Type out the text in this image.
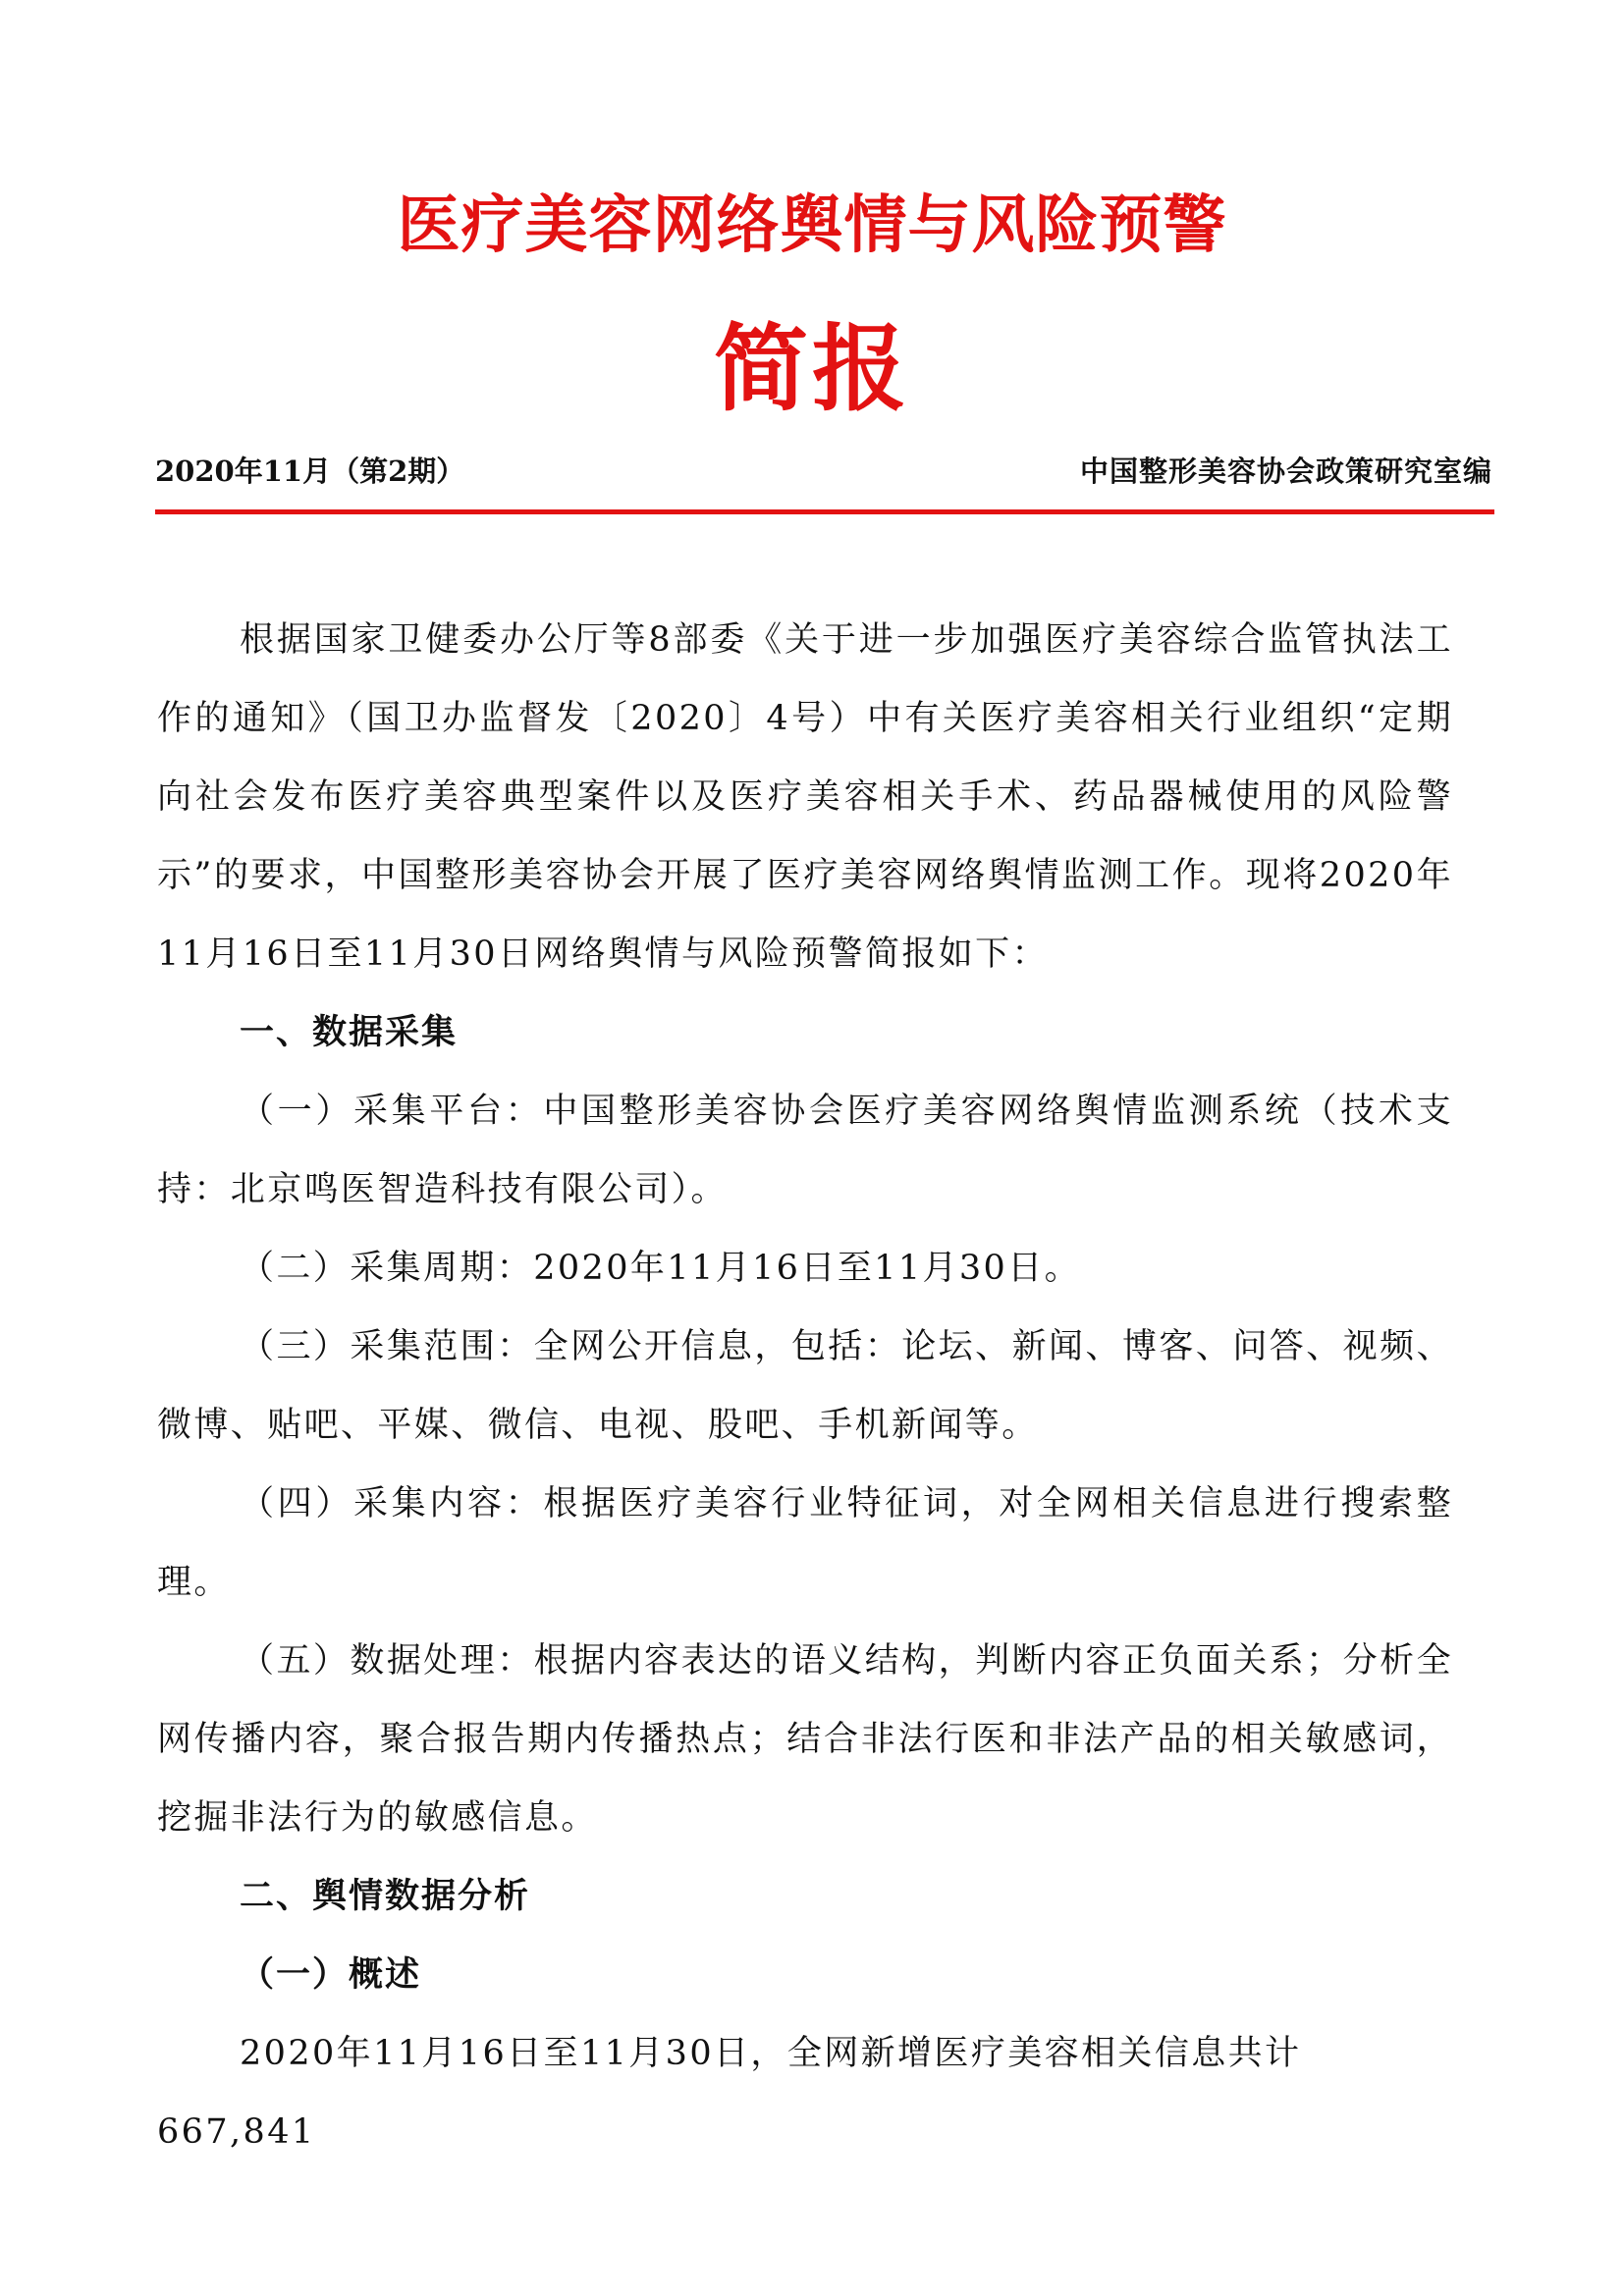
医疗美容网络舆情与风险预警
简报
2020年11月（第2期）	中国整形美容协会政策研究室编

根据国家卫健委办公厅等8部委《关于进一步加强医疗美容综合监管执法工作的通知》（国卫办监督发〔2020〕4号）中有关医疗美容相关行业组织“定期向社会发布医疗美容典型案件以及医疗美容相关手术、药品器械使用的风险警示”的要求，中国整形美容协会开展了医疗美容网络舆情监测工作。现将2020年11月16日至11月30日网络舆情与风险预警简报如下：

一、数据采集

（一）采集平台：中国整形美容协会医疗美容网络舆情监测系统（技术支持：北京鸣医智造科技有限公司）。

（二）采集周期：2020年11月16日至11月30日。

（三）采集范围：全网公开信息，包括：论坛、新闻、博客、问答、视频、微博、贴吧、平媒、微信、电视、股吧、手机新闻等。

（四）采集内容：根据医疗美容行业特征词，对全网相关信息进行搜索整理。

（五）数据处理：根据内容表达的语义结构，判断内容正负面关系；分析全网传播内容，聚合报告期内传播热点；结合非法行医和非法产品的相关敏感词，挖掘非法行为的敏感信息。

二、舆情数据分析

（一）概述

2020年11月16日至11月30日，全网新增医疗美容相关信息共计667,841
